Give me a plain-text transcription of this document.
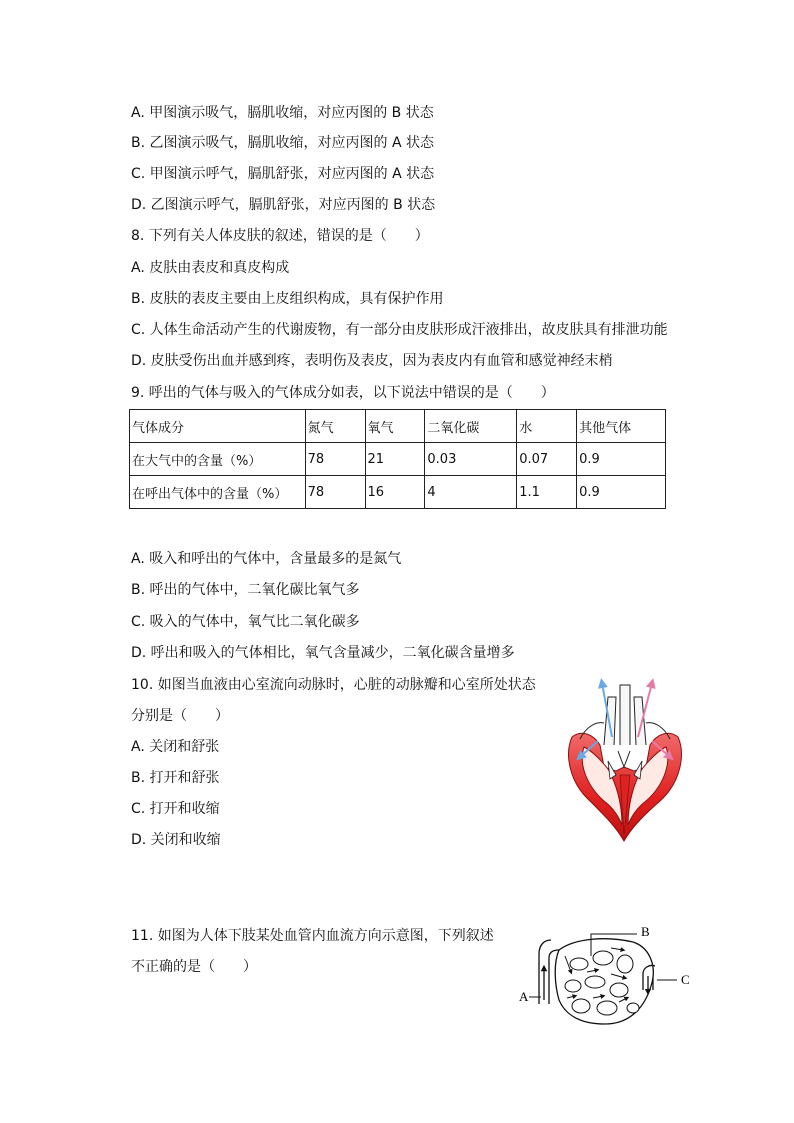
A. 甲图演示吸气，膈肌收缩，对应丙图的 B 状态
B. 乙图演示吸气，膈肌收缩，对应丙图的 A 状态
C. 甲图演示呼气，膈肌舒张，对应丙图的 A 状态
D. 乙图演示呼气，膈肌舒张，对应丙图的 B 状态
8. 下列有关人体皮肤的叙述，错误的是（　　）
A. 皮肤由表皮和真皮构成
B. 皮肤的表皮主要由上皮组织构成，具有保护作用
C. 人体生命活动产生的代谢废物，有一部分由皮肤形成汗液排出，故皮肤具有排泄功能
D. 皮肤受伤出血并感到疼，表明伤及表皮，因为表皮内有血管和感觉神经末梢
9. 呼出的气体与吸入的气体成分如表，以下说法中错误的是（　　）
气体成分	氮气	氧气	二氧化碳	水	其他气体
在大气中的含量（%）	78	21	0.03	0.07	0.9
在呼出气体中的含量（%）	78	16	4	1.1	0.9
A. 吸入和呼出的气体中，含量最多的是氮气
B. 呼出的气体中，二氧化碳比氧气多
C. 吸入的气体中，氧气比二氧化碳多
D. 呼出和吸入的气体相比，氧气含量减少，二氧化碳含量增多
10. 如图当血液由心室流向动脉时，心脏的动脉瓣和心室所处状态
分别是（　　）
A. 关闭和舒张
B. 打开和舒张
C. 打开和收缩
D. 关闭和收缩
11. 如图为人体下肢某处血管内血流方向示意图，下列叙述
不正确的是（　　）
B
C
A
